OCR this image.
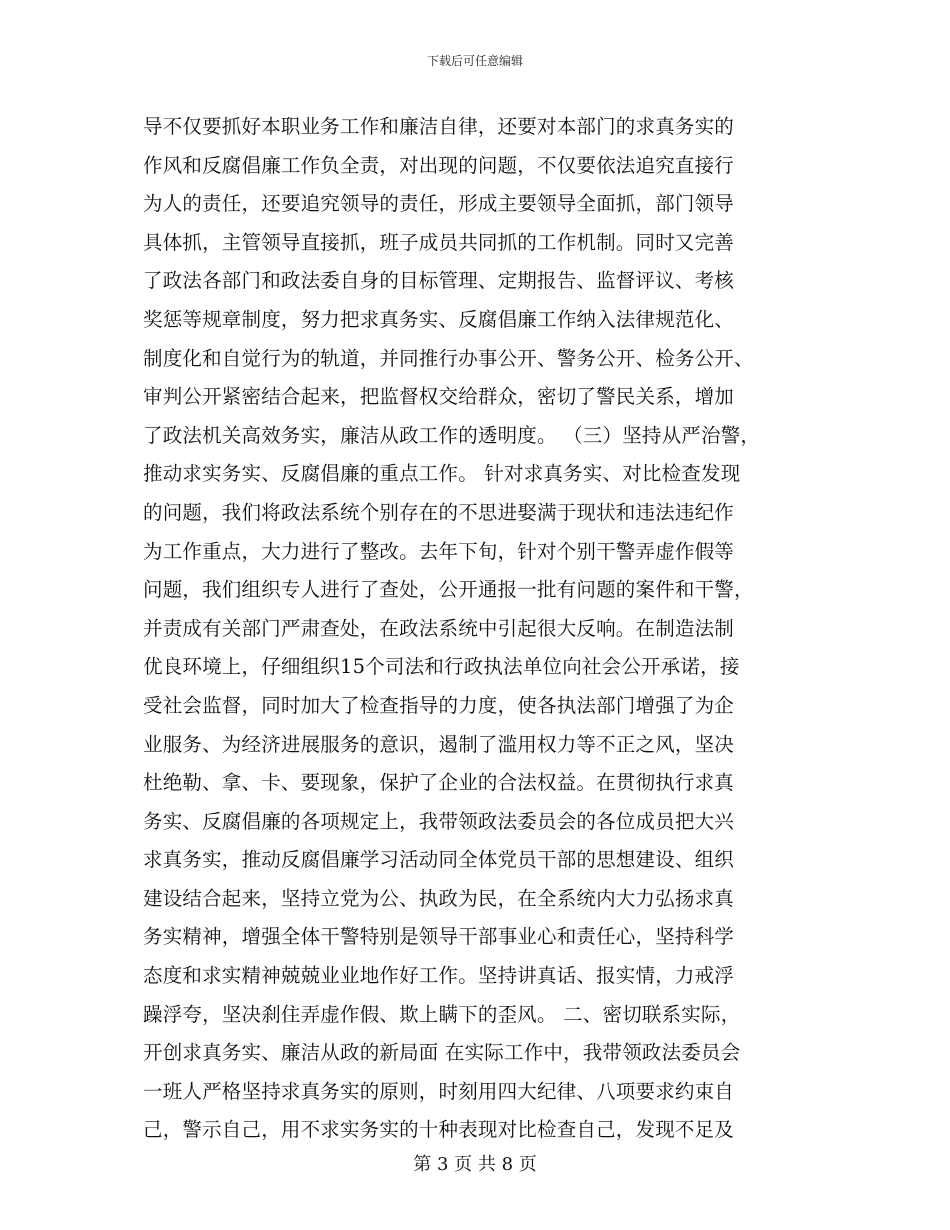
下载后可任意编辑
导不仅要抓好本职业务工作和廉洁自律，还要对本部门的求真务实的
作风和反腐倡廉工作负全责，对出现的问题，不仅要依法追究直接行
为人的责任，还要追究领导的责任，形成主要领导全面抓，部门领导
具体抓，主管领导直接抓，班子成员共同抓的工作机制。同时又完善
了政法各部门和政法委自身的目标管理、定期报告、监督评议、考核
奖惩等规章制度，努力把求真务实、反腐倡廉工作纳入法律规范化、
制度化和自觉行为的轨道，并同推行办事公开、警务公开、检务公开、
审判公开紧密结合起来，把监督权交给群众，密切了警民关系，增加
了政法机关高效务实，廉洁从政工作的透明度。 （三）坚持从严治警，
推动求实务实、反腐倡廉的重点工作。 针对求真务实、对比检查发现
的问题，我们将政法系统个别存在的不思进娶满于现状和违法违纪作
为工作重点，大力进行了整改。去年下旬，针对个别干警弄虚作假等
问题，我们组织专人进行了查处，公开通报一批有问题的案件和干警，
并责成有关部门严肃查处，在政法系统中引起很大反响。在制造法制
优良环境上，仔细组织15个司法和行政执法单位向社会公开承诺，接
受社会监督，同时加大了检查指导的力度，使各执法部门增强了为企
业服务、为经济进展服务的意识，遏制了滥用权力等不正之风，坚决
杜绝勒、拿、卡、要现象，保护了企业的合法权益。在贯彻执行求真
务实、反腐倡廉的各项规定上，我带领政法委员会的各位成员把大兴
求真务实，推动反腐倡廉学习活动同全体党员干部的思想建设、组织
建设结合起来，坚持立党为公、执政为民，在全系统内大力弘扬求真
务实精神，增强全体干警特别是领导干部事业心和责任心，坚持科学
态度和求实精神兢兢业业地作好工作。坚持讲真话、报实情，力戒浮
躁浮夸，坚决刹住弄虚作假、欺上瞒下的歪风。 二、密切联系实际，
开创求真务实、廉洁从政的新局面 在实际工作中，我带领政法委员会
一班人严格坚持求真务实的原则，时刻用四大纪律、八项要求约束自
己，警示自己，用不求实务实的十种表现对比检查自己，发现不足及
第 3 页 共 8 页
